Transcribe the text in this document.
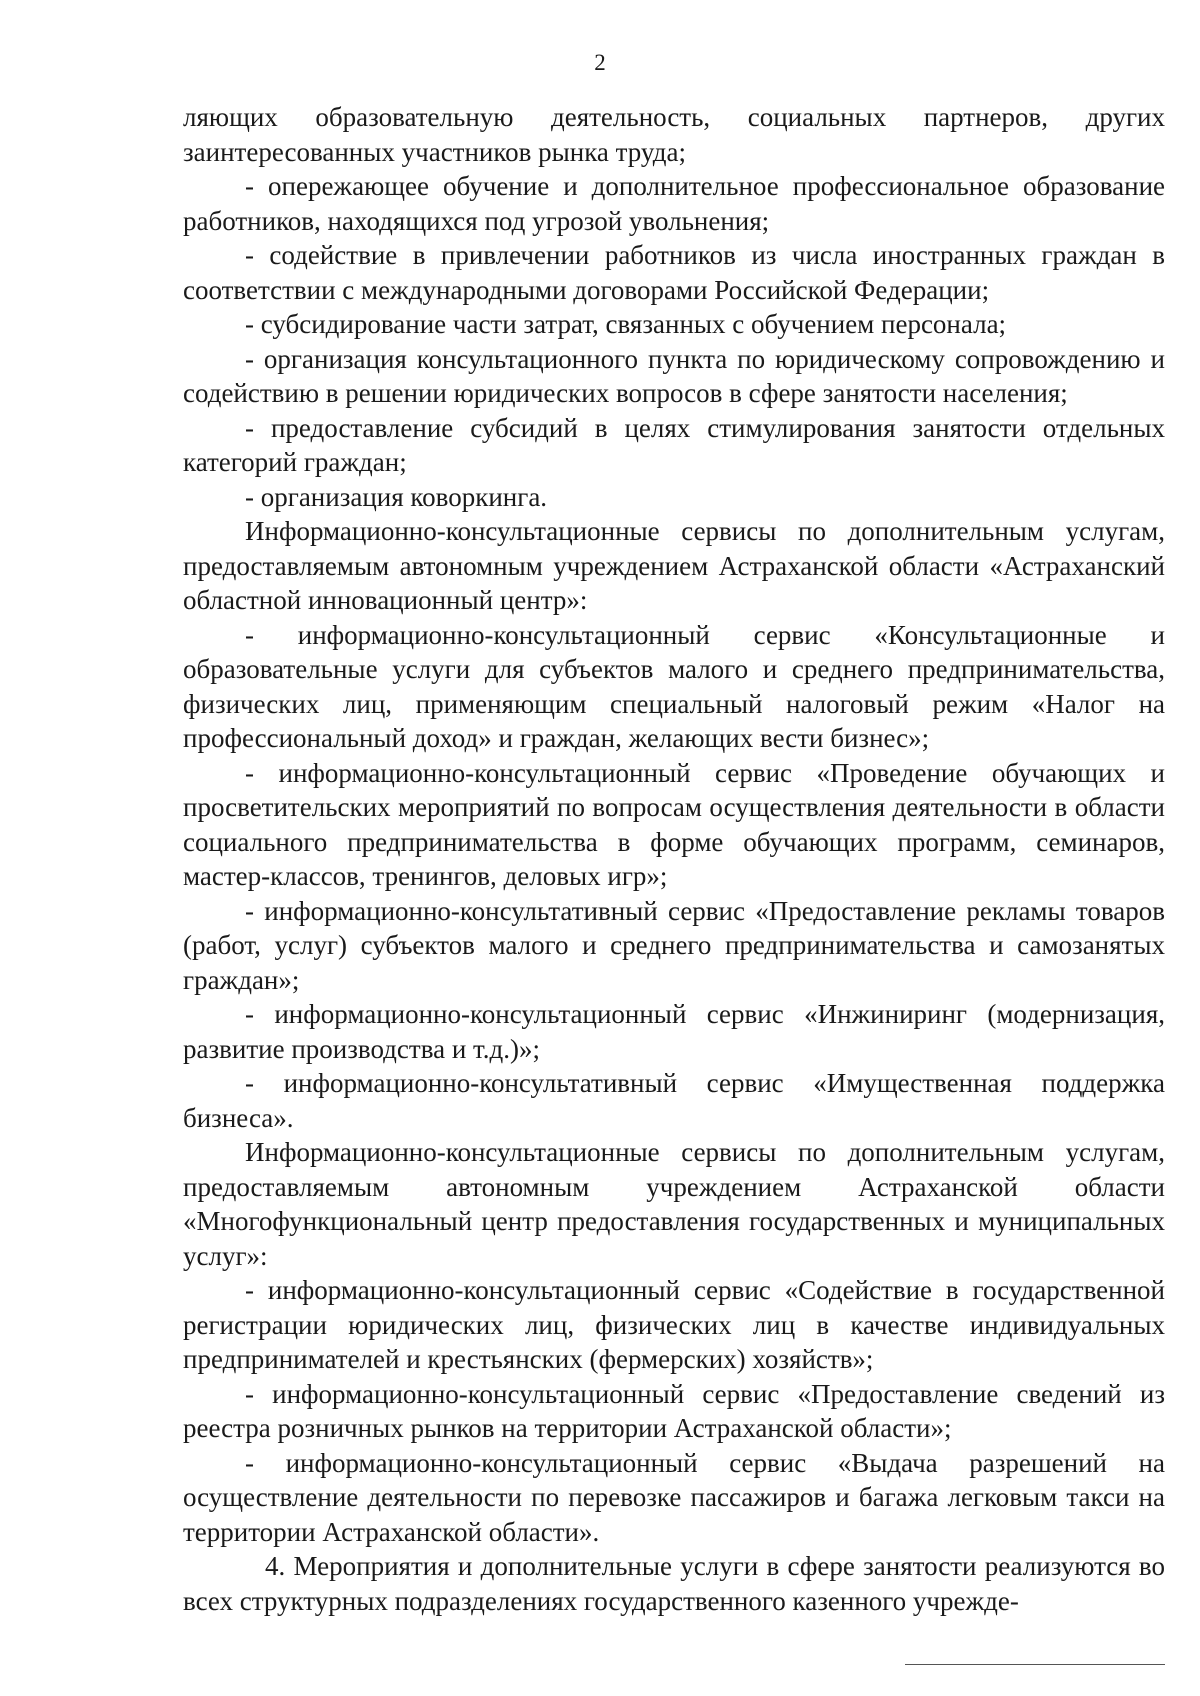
2

ляющих образовательную деятельность, социальных партнеров, других заинтересованных участников рынка труда;

- опережающее обучение и дополнительное профессиональное образование работников, находящихся под угрозой увольнения;

- содействие в привлечении работников из числа иностранных граждан в соответствии с международными договорами Российской Федерации;

- субсидирование части затрат, связанных с обучением персонала;

- организация консультационного пункта по юридическому сопровождению и содействию в решении юридических вопросов в сфере занятости населения;

- предоставление субсидий в целях стимулирования занятости отдельных категорий граждан;

- организация коворкинга.

Информационно-консультационные сервисы по дополнительным услугам, предоставляемым автономным учреждением Астраханской области «Астраханский областной инновационный центр»:

- информационно-консультационный сервис «Консультационные и образовательные услуги для субъектов малого и среднего предпринимательства, физических лиц, применяющим специальный налоговый режим «Налог на профессиональный доход» и граждан, желающих вести бизнес»;

- информационно-консультационный сервис «Проведение обучающих и просветительских мероприятий по вопросам осуществления деятельности в области социального предпринимательства в форме обучающих программ, семинаров, мастер-классов, тренингов, деловых игр»;

- информационно-консультативный сервис «Предоставление рекламы товаров (работ, услуг) субъектов малого и среднего предпринимательства и самозанятых граждан»;

- информационно-консультационный сервис «Инжиниринг (модернизация, развитие производства и т.д.)»;

- информационно-консультативный сервис «Имущественная поддержка бизнеса».

Информационно-консультационные сервисы по дополнительным услугам, предоставляемым автономным учреждением Астраханской области «Многофункциональный центр предоставления государственных и муниципальных услуг»:

- информационно-консультационный сервис «Содействие в государственной регистрации юридических лиц, физических лиц в качестве индивидуальных предпринимателей и крестьянских (фермерских) хозяйств»;

- информационно-консультационный сервис «Предоставление сведений из реестра розничных рынков на территории Астраханской области»;

- информационно-консультационный сервис «Выдача разрешений на осуществление деятельности по перевозке пассажиров и багажа легковым такси на территории Астраханской области».

4. Мероприятия и дополнительные услуги в сфере занятости реализуются во всех структурных подразделениях государственного казенного учрежде-
